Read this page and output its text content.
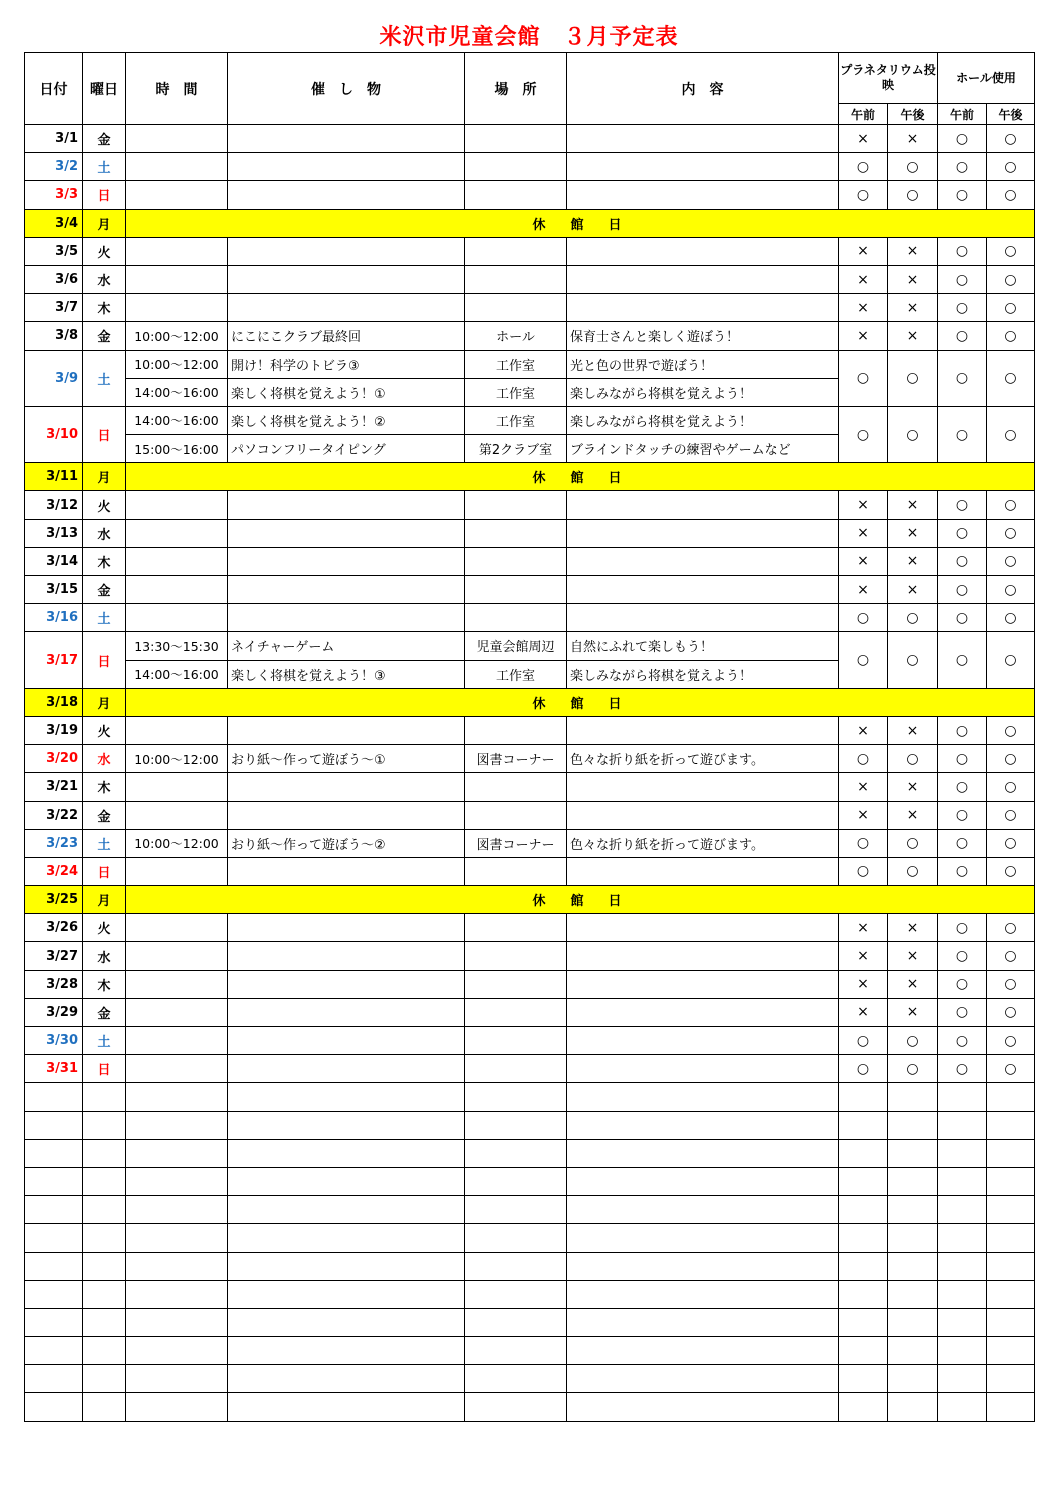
米沢市児童会館　３月予定表
日付	曜日	時　間	催　し　物	場　所	内　容	プラネタリウム投映		ホール使用	
						午前	午後	午前	午後
3/1	金					×	×	○	○
3/2	土					○	○	○	○
3/3	日					○	○	○	○
3/4	月	休　館　日							
3/5	火					×	×	○	○
3/6	水					×	×	○	○
3/7	木					×	×	○	○
3/8	金	10:00～12:00	にこにこクラブ最終回	ホール	保育士さんと楽しく遊ぼう！	×	×	○	○
3/9	土	10:00～12:00	開け！科学のトビラ③	工作室	光と色の世界で遊ぼう！	○	○	○	○
		14:00～16:00	楽しく将棋を覚えよう！①	工作室	楽しみながら将棋を覚えよう！				
3/10	日	14:00～16:00	楽しく将棋を覚えよう！②	工作室	楽しみながら将棋を覚えよう！	○	○	○	○
		15:00～16:00	パソコンフリータイピング	第2クラブ室	ブラインドタッチの練習やゲームなど				
3/11	月	休　館　日							
3/12	火					×	×	○	○
3/13	水					×	×	○	○
3/14	木					×	×	○	○
3/15	金					×	×	○	○
3/16	土					○	○	○	○
3/17	日	13:30～15:30	ネイチャーゲーム	児童会館周辺	自然にふれて楽しもう！	○	○	○	○
		14:00～16:00	楽しく将棋を覚えよう！③	工作室	楽しみながら将棋を覚えよう！				
3/18	月	休　館　日							
3/19	火					×	×	○	○
3/20	水	10:00～12:00	おり紙～作って遊ぼう～①	図書コーナー	色々な折り紙を折って遊びます。	○	○	○	○
3/21	木					×	×	○	○
3/22	金					×	×	○	○
3/23	土	10:00～12:00	おり紙～作って遊ぼう～②	図書コーナー	色々な折り紙を折って遊びます。	○	○	○	○
3/24	日					○	○	○	○
3/25	月	休　館　日							
3/26	火					×	×	○	○
3/27	水					×	×	○	○
3/28	木					×	×	○	○
3/29	金					×	×	○	○
3/30	土					○	○	○	○
3/31	日					○	○	○	○
